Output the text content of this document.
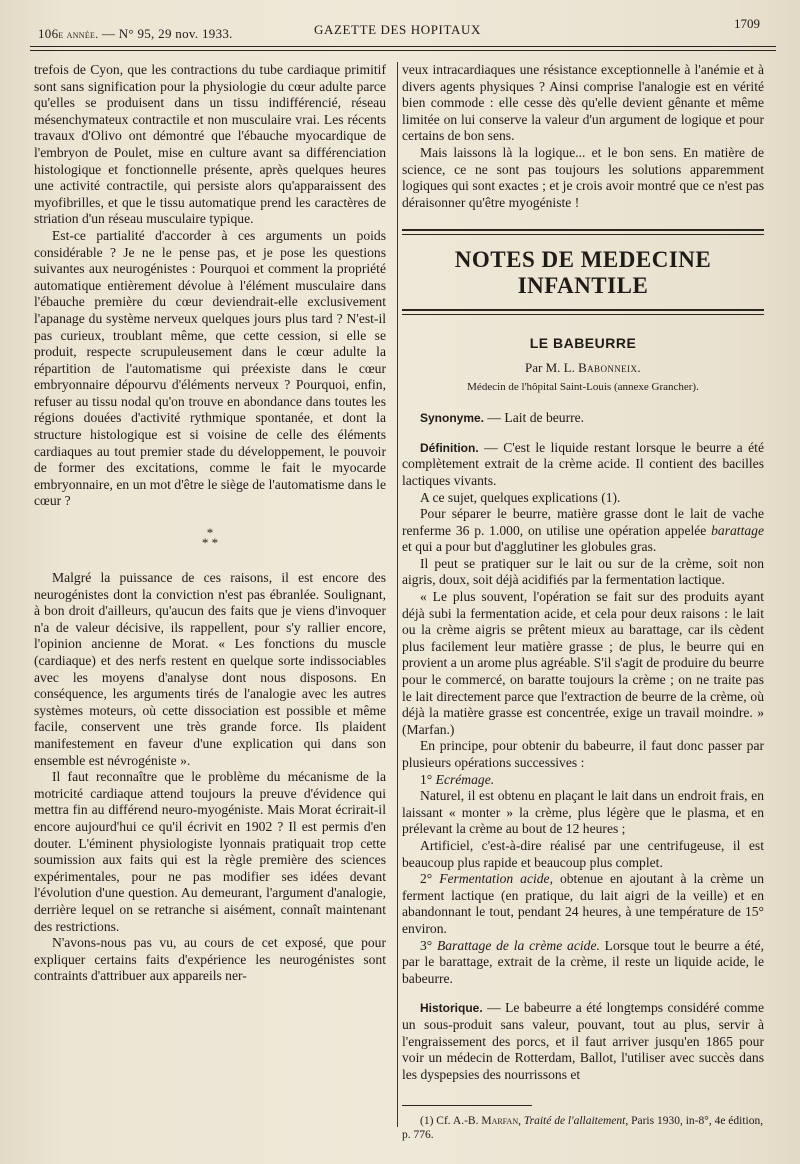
106e année. — N° 95, 29 nov. 1933.	GAZETTE DES HOPITAUX	1709

trefois de Cyon, que les contractions du tube cardiaque primitif sont sans signification pour la physiologie du cœur adulte parce qu'elles se produisent dans un tissu indifférencié, réseau mésenchymateux contractile et non musculaire vrai. Les récents travaux d'Olivo ont démontré que l'ébauche myocardique de l'embryon de Poulet, mise en culture avant sa différenciation histologique et fonctionnelle présente, après quelques heures une activité contractile, qui persiste alors qu'apparaissent des myofibrilles, et que le tissu automatique prend les caractères de striation d'un réseau musculaire typique.

Est-ce partialité d'accorder à ces arguments un poids considérable ? Je ne le pense pas, et je pose les questions suivantes aux neurogénistes : Pourquoi et comment la propriété automatique entièrement dévolue à l'élément musculaire dans l'ébauche première du cœur deviendrait-elle exclusivement l'apanage du système nerveux quelques jours plus tard ? N'est-il pas curieux, troublant même, que cette cession, si elle se produit, respecte scrupuleusement dans le cœur adulte la répartition de l'automatisme qui préexiste dans le cœur embryonnaire dépourvu d'éléments nerveux ? Pourquoi, enfin, refuser au tissu nodal qu'on trouve en abondance dans toutes les régions douées d'activité rythmique spontanée, et dont la structure histologique est si voisine de celle des éléments cardiaques au tout premier stade du développement, le pouvoir de former des excitations, comme le fait le myocarde embryonnaire, en un mot d'être le siège de l'automatisme dans le cœur ?

*
* *

Malgré la puissance de ces raisons, il est encore des neurogénistes dont la conviction n'est pas ébranlée. Soulignant, à bon droit d'ailleurs, qu'aucun des faits que je viens d'invoquer n'a de valeur décisive, ils rappellent, pour s'y rallier encore, l'opinion ancienne de Morat. « Les fonctions du muscle (cardiaque) et des nerfs restent en quelque sorte indissociables avec les moyens d'analyse dont nous disposons. En conséquence, les arguments tirés de l'analogie avec les autres systèmes moteurs, où cette dissociation est possible et même facile, conservent une très grande force. Ils plaident manifestement en faveur d'une explication qui dans son ensemble est névrogéniste ».

Il faut reconnaître que le problème du mécanisme de la motricité cardiaque attend toujours la preuve d'évidence qui mettra fin au différend neuro-myogéniste. Mais Morat écrirait-il encore aujourd'hui ce qu'il écrivit en 1902 ? Il est permis d'en douter. L'éminent physiologiste lyonnais pratiquait trop cette soumission aux faits qui est la règle première des sciences expérimentales, pour ne pas modifier ses idées devant l'évolution d'une question. Au demeurant, l'argument d'analogie, derrière lequel on se retranche si aisément, connaît maintenant des restrictions.

N'avons-nous pas vu, au cours de cet exposé, que pour expliquer certains faits d'expérience les neurogénistes sont contraints d'attribuer aux appareils ner-

veux intracardiaques une résistance exceptionnelle à l'anémie et à divers agents physiques ? Ainsi comprise l'analogie est en vérité bien commode : elle cesse dès qu'elle devient gênante et même limitée on lui conserve la valeur d'un argument de logique et pour certains de bon sens.

Mais laissons là la logique... et le bon sens. En matière de science, ce ne sont pas toujours les solutions apparemment logiques qui sont exactes ; et je crois avoir montré que ce n'est pas déraisonner qu'être myogéniste !

NOTES DE MEDECINE INFANTILE
LE BABEURRE
Par M. L. Babonneix.
Médecin de l'hôpital Saint-Louis (annexe Grancher).

Synonyme. — Lait de beurre.

Définition. — C'est le liquide restant lorsque le beurre a été complètement extrait de la crème acide. Il contient des bacilles lactiques vivants.

A ce sujet, quelques explications (1).

Pour séparer le beurre, matière grasse dont le lait de vache renferme 36 p. 1.000, on utilise une opération appelée barattage et qui a pour but d'agglutiner les globules gras.

Il peut se pratiquer sur le lait ou sur de la crème, soit non aigris, doux, soit déjà acidifiés par la fermentation lactique.

« Le plus souvent, l'opération se fait sur des produits ayant déjà subi la fermentation acide, et cela pour deux raisons : le lait ou la crème aigris se prêtent mieux au barattage, car ils cèdent plus facilement leur matière grasse ; de plus, le beurre qui en provient a un arome plus agréable. S'il s'agit de produire du beurre pour le commercé, on baratte toujours la crème ; on ne traite pas le lait directement parce que l'extraction de beurre de la crème, où déjà la matière grasse est concentrée, exige un travail moindre. » (Marfan.)

En principe, pour obtenir du babeurre, il faut donc passer par plusieurs opérations successives :

1° Ecrémage.

Naturel, il est obtenu en plaçant le lait dans un endroit frais, en laissant « monter » la crème, plus légère que le plasma, et en prélevant la crème au bout de 12 heures ;

Artificiel, c'est-à-dire réalisé par une centrifugeuse, il est beaucoup plus rapide et beaucoup plus complet.

2° Fermentation acide, obtenue en ajoutant à la crème un ferment lactique (en pratique, du lait aigri de la veille) et en abandonnant le tout, pendant 24 heures, à une température de 15° environ.

3° Barattage de la crème acide. Lorsque tout le beurre a été, par le barattage, extrait de la crème, il reste un liquide acide, le babeurre.

Historique. — Le babeurre a été longtemps considéré comme un sous-produit sans valeur, pouvant, tout au plus, servir à l'engraissement des porcs, et il faut arriver jusqu'en 1865 pour voir un médecin de Rotterdam, Ballot, l'utiliser avec succès dans les dyspepsies des nourrissons et

(1) Cf. A.-B. Marfan, Traité de l'allaitement, Paris 1930, in-8°, 4e édition, p. 776.
